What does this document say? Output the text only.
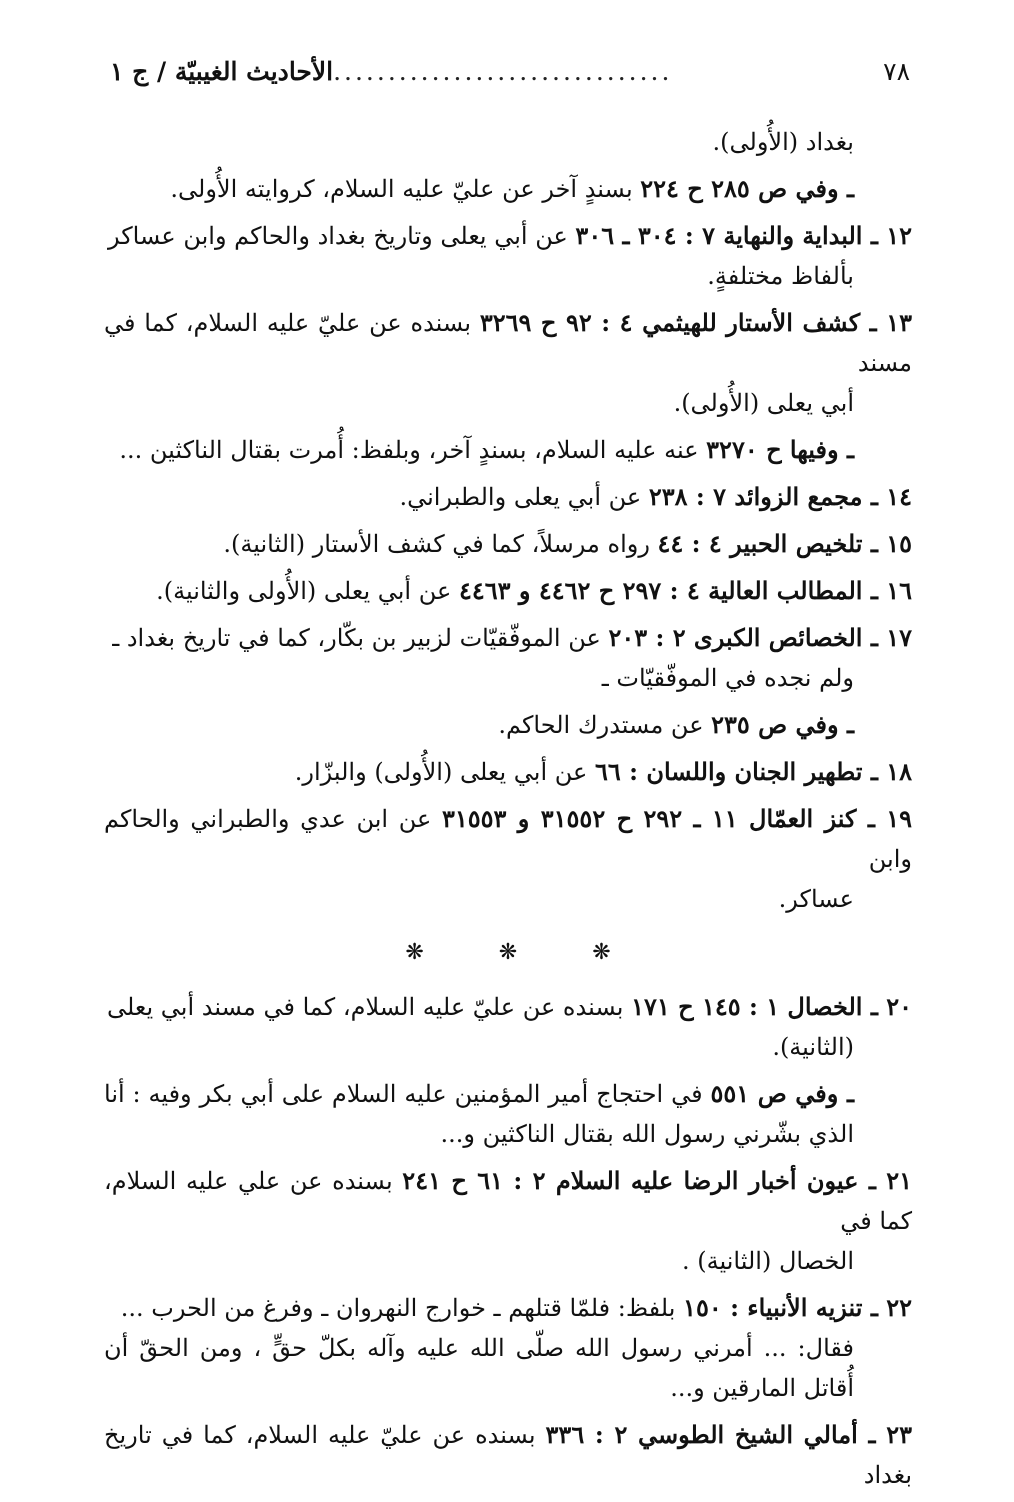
٧٨
الأحاديث الغيبيّة / ج ١ ...............................
بغداد (الأُولى).
ـ وفي ص ٢٨٥ ح ٢٢٤ بسندٍ آخر عن عليّ عليه السلام، كروايته الأُولى.
١٢ ـ البداية والنهاية ٧ : ٣٠٤ ـ ٣٠٦ عن أبي يعلى وتاريخ بغداد والحاكم وابن عساكر
بألفاظ مختلفةٍ.
١٣ ـ كشف الأستار للهيثمي ٤ : ٩٢ ح ٣٢٦٩ بسنده عن عليّ عليه السلام، كما في مسند
أبي يعلى (الأُولى).
ـ وفيها ح ٣٢٧٠ عنه عليه السلام، بسندٍ آخر، وبلفظ: أُمرت بقتال الناكثين ...
١٤ ـ مجمع الزوائد ٧ : ٢٣٨ عن أبي يعلى والطبراني.
١٥ ـ تلخيص الحبير ٤ : ٤٤ رواه مرسلاً، كما في كشف الأستار (الثانية).
١٦ ـ المطالب العالية ٤ : ٢٩٧ ح ٤٤٦٢ و ٤٤٦٣ عن أبي يعلى (الأُولى والثانية).
١٧ ـ الخصائص الكبرى ٢ : ٢٠٣ عن الموفّقيّات لزبير بن بكّار، كما في تاريخ بغداد ـ
ولم نجده في الموفّقيّات ـ
ـ وفي ص ٢٣٥ عن مستدرك الحاكم.
١٨ ـ تطهير الجنان واللسان : ٦٦ عن أبي يعلى (الأُولى) والبزّار.
١٩ ـ كنز العمّال ١١ ـ ٢٩٢ ح ٣١٥٥٢ و ٣١٥٥٣ عن ابن عدي والطبراني والحاكم وابن
عساكر.
❋ ❋ ❋
٢٠ ـ الخصال ١ : ١٤٥ ح ١٧١ بسنده عن عليّ عليه السلام، كما في مسند أبي يعلى
(الثانية).
ـ وفي ص ٥٥١ في احتجاج أمير المؤمنين عليه السلام على أبي بكر وفيه : أنا الذي بشّرني رسول الله بقتال الناكثين و...
٢١ ـ عيون أخبار الرضا عليه السلام ٢ : ٦١ ح ٢٤١ بسنده عن علي عليه السلام، كما في
الخصال (الثانية) .
٢٢ ـ تنزيه الأنبياء : ١٥٠ بلفظ: فلمّا قتلهم ـ خوارج النهروان ـ وفرغ من الحرب ...
فقال: ... أمرني رسول الله صلّى الله عليه وآله بكلّ حقٍّ ، ومن الحقّ أن أُقاتل المارقين و...
٢٣ ـ أمالي الشيخ الطوسي ٢ : ٣٣٦ بسنده عن عليّ عليه السلام، كما في تاريخ بغداد
